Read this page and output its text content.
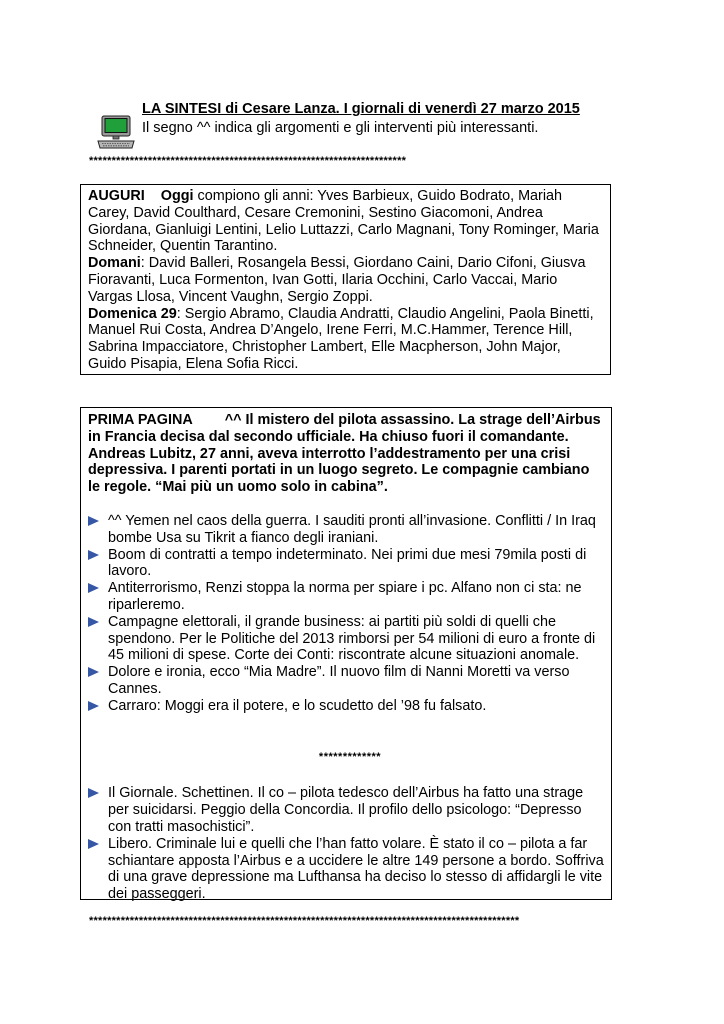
LA SINTESI di Cesare Lanza. I giornali di venerdì 27 marzo 2015
Il segno ^^ indica gli argomenti e gli interventi più interessanti.
**********************************************************************

AUGURI Oggi compiono gli anni: Yves Barbieux, Guido Bodrato, Mariah Carey, David Coulthard, Cesare Cremonini, Sestino Giacomoni, Andrea Giordana, Gianluigi Lentini, Lelio Luttazzi, Carlo Magnani, Tony Rominger, Maria Schneider, Quentin Tarantino.

Domani: David Balleri, Rosangela Bessi, Giordano Caini, Dario Cifoni, Giusva Fioravanti, Luca Formenton, Ivan Gotti, Ilaria Occhini, Carlo Vaccai, Mario Vargas Llosa, Vincent Vaughn, Sergio Zoppi.

Domenica 29: Sergio Abramo, Claudia Andratti, Claudio Angelini, Paola Binetti, Manuel Rui Costa, Andrea D’Angelo, Irene Ferri, M.C.Hammer, Terence Hill, Sabrina Impacciatore, Christopher Lambert, Elle Macpherson, John Major, Guido Pisapia, Elena Sofia Ricci.

PRIMA PAGINA ^^ Il mistero del pilota assassino. La strage dell’Airbus in Francia decisa dal secondo ufficiale. Ha chiuso fuori il comandante. Andreas Lubitz, 27 anni, aveva interrotto l’addestramento per una crisi depressiva. I parenti portati in un luogo segreto. Le compagnie cambiano le regole. “Mai più un uomo solo in cabina”.

^^ Yemen nel caos della guerra. I sauditi pronti all’invasione. Conflitti / In Iraq bombe Usa su Tikrit a fianco degli iraniani.
Boom di contratti a tempo indeterminato. Nei primi due mesi 79mila posti di lavoro.
Antiterrorismo, Renzi stoppa la norma per spiare i pc. Alfano non ci sta: ne riparleremo.
Campagne elettorali, il grande business: ai partiti più soldi di quelli che spendono. Per le Politiche del 2013 rimborsi per 54 milioni di euro a fronte di 45 milioni di spese. Corte dei Conti: riscontrate alcune situazioni anomale.
Dolore e ironia, ecco “Mia Madre”. Il nuovo film di Nanni Moretti va verso Cannes.
Carraro: Moggi era il potere, e lo scudetto del ’98 fu falsato.
*************
Il Giornale. Schettinen. Il co – pilota tedesco dell’Airbus ha fatto una strage per suicidarsi. Peggio della Concordia. Il profilo dello psicologo: “Depresso con tratti masochistici”.
Libero. Criminale lui e quelli che l’han fatto volare. È stato il co – pilota a far schiantare apposta l’Airbus e a uccidere le altre 149 persone a bordo. Soffriva di una grave depressione ma Lufthansa ha deciso lo stesso di affidargli le vite dei passeggeri.
***********************************************************************************************
